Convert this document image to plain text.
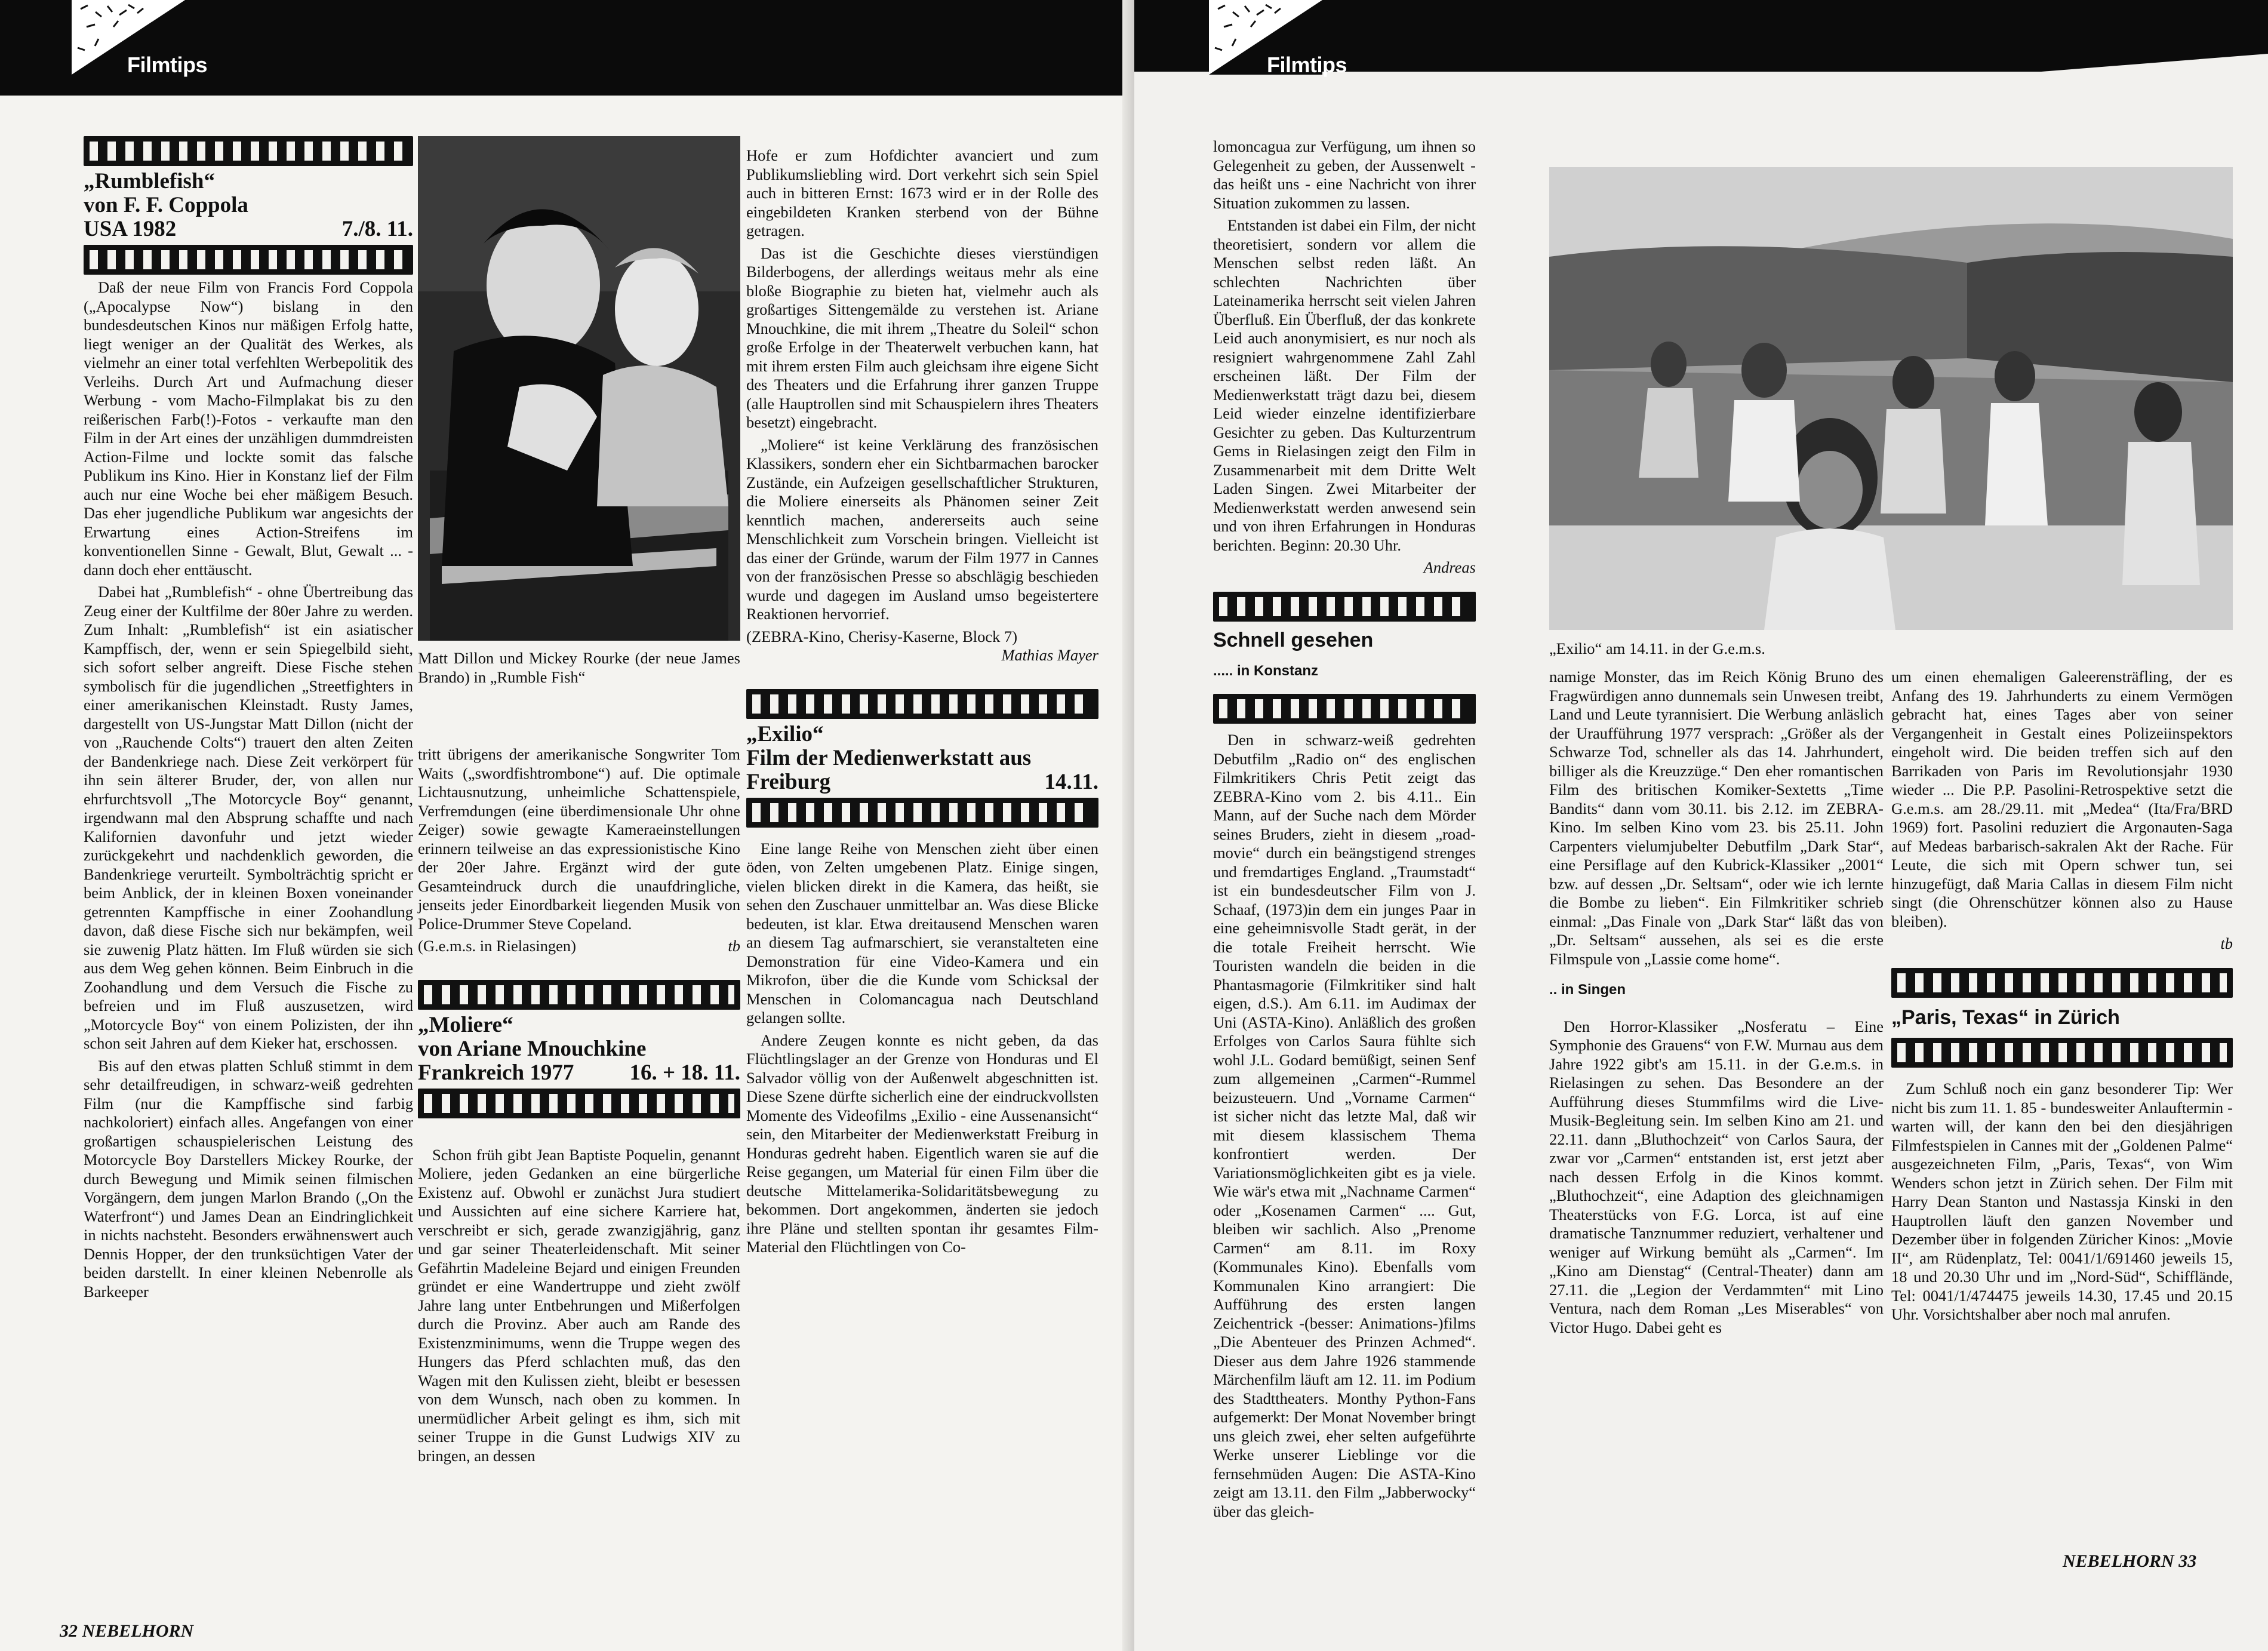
Filmtips
„Rumblefish“
von F. F. Coppola
USA 1982	7./8. 11.

Daß der neue Film von Francis Ford Coppola („Apocalypse Now“) bislang in den bundesdeutschen Kinos nur mäßigen Erfolg hatte, liegt weniger an der Qualität des Werkes, als vielmehr an einer total verfehlten Werbepolitik des Verleihs. Durch Art und Aufmachung dieser Werbung - vom Macho-Filmplakat bis zu den reißerischen Farb(!)-Fotos - verkaufte man den Film in der Art eines der unzähligen dummdreisten Action-Filme und lockte somit das falsche Publikum ins Kino. Hier in Konstanz lief der Film auch nur eine Woche bei eher mäßigem Besuch. Das eher jugendliche Publikum war angesichts der Erwartung eines Action-Streifens im konventionellen Sinne - Gewalt, Blut, Gewalt ... - dann doch eher enttäuscht.

Dabei hat „Rumblefish“ - ohne Übertreibung das Zeug einer der Kultfilme der 80er Jahre zu werden. Zum Inhalt: „Rumblefish“ ist ein asiatischer Kampffisch, der, wenn er sein Spiegelbild sieht, sich sofort selber angreift. Diese Fische stehen symbolisch für die jugendlichen „Streetfighters in einer amerikanischen Kleinstadt. Rusty James, dargestellt von US-Jungstar Matt Dillon (nicht der von „Rauchende Colts“) trauert den alten Zeiten der Bandenkriege nach. Diese Zeit verkörpert für ihn sein älterer Bruder, der, von allen nur ehrfurchtsvoll „The Motorcycle Boy“ genannt, irgendwann mal den Absprung schaffte und nach Kalifornien davonfuhr und jetzt wieder zurückgekehrt und nachdenklich geworden, die Bandenkriege verurteilt. Symbolträchtig spricht er beim Anblick, der in kleinen Boxen voneinander getrennten Kampffische in einer Zoohandlung davon, daß diese Fische sich nur bekämpfen, weil sie zuwenig Platz hätten. Im Fluß würden sie sich aus dem Weg gehen können. Beim Einbruch in die Zoohandlung und dem Versuch die Fische zu befreien und im Fluß auszusetzen, wird „Motorcycle Boy“ von einem Polizisten, der ihn schon seit Jahren auf dem Kieker hat, erschossen.

Bis auf den etwas platten Schluß stimmt in dem sehr detailfreudigen, in schwarz-weiß gedrehten Film (nur die Kampffische sind farbig nachkoloriert) einfach alles. Angefangen von einer großartigen schauspielerischen Leistung des Motorcycle Boy Darstellers Mickey Rourke, der durch Bewegung und Mimik seinen filmischen Vorgängern, dem jungen Marlon Brando („On the Waterfront“) und James Dean an Eindringlichkeit in nichts nachsteht. Besonders erwähnenswert auch Dennis Hopper, der den trunksüchtigen Vater der beiden darstellt. In einer kleinen Nebenrolle als Barkeeper

Matt Dillon und Mickey Rourke (der neue James Brando) in „Rumble Fish“

tritt übrigens der amerikanische Songwriter Tom Waits („swordfishtrombone“) auf. Die optimale Lichtausnutzung, unheimliche Schattenspiele, Verfremdungen (eine überdimensionale Uhr ohne Zeiger) sowie gewagte Kameraeinstellungen erinnern teilweise an das expressionistische Kino der 20er Jahre. Ergänzt wird der gute Gesamteindruck durch die unaufdringliche, jenseits jeder Einordbarkeit liegenden Musik von Police-Drummer Steve Copeland.

(G.e.m.s. in Rielasingen)	tb
„Moliere“
von Ariane Mnouchkine
Frankreich 1977	16. + 18. 11.

Schon früh gibt Jean Baptiste Poquelin, genannt Moliere, jeden Gedanken an eine bürgerliche Existenz auf. Obwohl er zunächst Jura studiert und Aussichten auf eine sichere Karriere hat, verschreibt er sich, gerade zwanzigjährig, ganz und gar seiner Theaterleidenschaft. Mit seiner Gefährtin Madeleine Bejard und einigen Freunden gründet er eine Wandertruppe und zieht zwölf Jahre lang unter Entbehrungen und Mißerfolgen durch die Provinz. Aber auch am Rande des Existenzminimums, wenn die Truppe wegen des Hungers das Pferd schlachten muß, das den Wagen mit den Kulissen zieht, bleibt er besessen von dem Wunsch, nach oben zu kommen. In unermüdlicher Arbeit gelingt es ihm, sich mit seiner Truppe in die Gunst Ludwigs XIV zu bringen, an dessen

Hofe er zum Hofdichter avanciert und zum Publikumsliebling wird. Dort verkehrt sich sein Spiel auch in bitteren Ernst: 1673 wird er in der Rolle des eingebildeten Kranken sterbend von der Bühne getragen.

Das ist die Geschichte dieses vierstündigen Bilderbogens, der allerdings weitaus mehr als eine bloße Biographie zu bieten hat, vielmehr auch als großartiges Sittengemälde zu verstehen ist. Ariane Mnouchkine, die mit ihrem „Theatre du Soleil“ schon große Erfolge in der Theaterwelt verbuchen kann, hat mit ihrem ersten Film auch gleichsam ihre eigene Sicht des Theaters und die Erfahrung ihrer ganzen Truppe (alle Hauptrollen sind mit Schauspielern ihres Theaters besetzt) eingebracht.

„Moliere“ ist keine Verklärung des französischen Klassikers, sondern eher ein Sichtbarmachen barocker Zustände, ein Aufzeigen gesellschaftlicher Strukturen, die Moliere einerseits als Phänomen seiner Zeit kenntlich machen, andererseits auch seine Menschlichkeit zum Vorschein bringen. Vielleicht ist das einer der Gründe, warum der Film 1977 in Cannes von der französischen Presse so abschlägig beschieden wurde und dagegen im Ausland umso begeistertere Reaktionen hervorrief.

(ZEBRA-Kino, Cherisy-Kaserne, Block 7)
Mathias Mayer
„Exilio“
Film der Medienwerkstatt aus
Freiburg	14.11.

Eine lange Reihe von Menschen zieht über einen öden, von Zelten umgebenen Platz. Einige singen, vielen blicken direkt in die Kamera, das heißt, sie sehen den Zuschauer unmittelbar an. Was diese Blicke bedeuten, ist klar. Etwa dreitausend Menschen waren an diesem Tag aufmarschiert, sie veranstalteten eine Demonstration für eine Video-Kamera und ein Mikrofon, über die die Kunde vom Schicksal der Menschen in Colomancagua nach Deutschland gelangen sollte.

Andere Zeugen konnte es nicht geben, da das Flüchtlingslager an der Grenze von Honduras und El Salvador völlig von der Außenwelt abgeschnitten ist. Diese Szene dürfte sicherlich eine der eindruckvollsten Momente des Videofilms „Exilio - eine Aussenansicht“ sein, den Mitarbeiter der Medienwerkstatt Freiburg in Honduras gedreht haben. Eigentlich waren sie auf die Reise gegangen, um Material für einen Film über die deutsche Mittelamerika-Solidaritätsbewegung zu bekommen. Dort angekommen, änderten sie jedoch ihre Pläne und stellten spontan ihr gesamtes Film-Material den Flüchtlingen von Co-

32 NEBELHORN
Filmtips

lomoncagua zur Verfügung, um ihnen so Gelegenheit zu geben, der Aussenwelt - das heißt uns - eine Nachricht von ihrer Situation zukommen zu lassen.

Entstanden ist dabei ein Film, der nicht theoretisiert, sondern vor allem die Menschen selbst reden läßt. An schlechten Nachrichten über Lateinamerika herrscht seit vielen Jahren Überfluß. Ein Überfluß, der das konkrete Leid auch anonymisiert, es nur noch als resigniert wahrgenommene Zahl Zahl erscheinen läßt. Der Film der Medienwerkstatt trägt dazu bei, diesem Leid wieder einzelne identifizierbare Gesichter zu geben. Das Kulturzentrum Gems in Rielasingen zeigt den Film in Zusammenarbeit mit dem Dritte Welt Laden Singen. Zwei Mitarbeiter der Medienwerkstatt werden anwesend sein und von ihren Erfahrungen in Honduras berichten. Beginn: 20.30 Uhr.

Andreas
Schnell gesehen
..... in Konstanz
„Exilio“ am 14.11. in der G.e.m.s.

Den in schwarz-weiß gedrehten Debutfilm „Radio on“ des englischen Filmkritikers Chris Petit zeigt das ZEBRA-Kino vom 2. bis 4.11.. Ein Mann, auf der Suche nach dem Mörder seines Bruders, zieht in diesem „road-movie“ durch ein beängstigend strenges und fremdartiges England. „Traumstadt“ ist ein bundesdeutscher Film von J. Schaaf, (1973)in dem ein junges Paar in eine geheimnisvolle Stadt gerät, in der die totale Freiheit herrscht. Wie Touristen wandeln die beiden in die Phantasmagorie (Filmkritiker sind halt eigen, d.S.). Am 6.11. im Audimax der Uni (ASTA-Kino). Anläßlich des großen Erfolges von Carlos Saura fühlte sich wohl J.L. Godard bemüßigt, seinen Senf zum allgemeinen „Carmen“-Rummel beizusteuern. Und „Vorname Carmen“ ist sicher nicht das letzte Mal, daß wir mit diesem klassischem Thema konfrontiert werden. Der Variationsmöglichkeiten gibt es ja viele. Wie wär's etwa mit „Nachname Carmen“ oder „Kosenamen Carmen“ .... Gut, bleiben wir sachlich. Also „Prenome Carmen“ am 8.11. im Roxy (Kommunales Kino). Ebenfalls vom Kommunalen Kino arrangiert: Die Aufführung des ersten langen Zeichentrick -(besser: Animations-)films „Die Abenteuer des Prinzen Achmed“. Dieser aus dem Jahre 1926 stammende Märchenfilm läuft am 12. 11. im Podium des Stadttheaters. Monthy Python-Fans aufgemerkt: Der Monat November bringt uns gleich zwei, eher selten aufgeführte Werke unserer Lieblinge vor die fernsehmüden Augen: Die ASTA-Kino zeigt am 13.11. den Film „Jabberwocky“ über das gleich-

namige Monster, das im Reich König Bruno des Fragwürdigen anno dunnemals sein Unwesen treibt, Land und Leute tyrannisiert. Die Werbung anläslich der Uraufführung 1977 versprach: „Größer als der Schwarze Tod, schneller als das 14. Jahrhundert, billiger als die Kreuzzüge.“ Den eher romantischen Film des britischen Komiker-Sextetts „Time Bandits“ dann vom 30.11. bis 2.12. im ZEBRA-Kino. Im selben Kino vom 23. bis 25.11. John Carpenters vielumjubelter Debutfilm „Dark Star“, eine Persiflage auf den Kubrick-Klassiker „2001“ bzw. auf dessen „Dr. Seltsam“, oder wie ich lernte die Bombe zu lieben“. Ein Filmkritiker schrieb einmal: „Das Finale von „Dark Star“ läßt das von „Dr. Seltsam“ aussehen, als sei es die erste Filmspule von „Lassie come home“.

.. in Singen

Den Horror-Klassiker „Nosferatu – Eine Symphonie des Grauens“ von F.W. Murnau aus dem Jahre 1922 gibt's am 15.11. in der G.e.m.s. in Rielasingen zu sehen. Das Besondere an der Aufführung dieses Stummfilms wird die Live-Musik-Begleitung sein. Im selben Kino am 21. und 22.11. dann „Bluthochzeit“ von Carlos Saura, der zwar vor „Carmen“ entstanden ist, erst jetzt aber nach dessen Erfolg in die Kinos kommt. „Bluthochzeit“, eine Adaption des gleichnamigen Theaterstücks von F.G. Lorca, ist auf eine dramatische Tanznummer reduziert, verhaltener und weniger auf Wirkung bemüht als „Carmen“. Im „Kino am Dienstag“ (Central-Theater) dann am 27.11. die „Legion der Verdammten“ mit Lino Ventura, nach dem Roman „Les Miserables“ von Victor Hugo. Dabei geht es

um einen ehemaligen Galeerensträfling, der es Anfang des 19. Jahrhunderts zu einem Vermögen gebracht hat, eines Tages aber von seiner Vergangenheit in Gestalt eines Polizeiinspektors eingeholt wird. Die beiden treffen sich auf den Barrikaden von Paris im Revolutionsjahr 1930 wieder ... Die P.P. Pasolini-Retrospektive setzt die G.e.m.s. am 28./29.11. mit „Medea“ (Ita/Fra/BRD 1969) fort. Pasolini reduziert die Argonauten-Saga auf Medeas barbarisch-sakralen Akt der Rache. Für Leute, die sich mit Opern schwer tun, sei hinzugefügt, daß Maria Callas in diesem Film nicht singt (die Ohrenschützer können also zu Hause bleiben).

tb
„Paris, Texas“ in Zürich

Zum Schluß noch ein ganz besonderer Tip: Wer nicht bis zum 11. 1. 85 - bundesweiter Anlauftermin - warten will, der kann den bei den diesjährigen Filmfestspielen in Cannes mit der „Goldenen Palme“ ausgezeichneten Film, „Paris, Texas“, von Wim Wenders schon jetzt in Zürich sehen. Der Film mit Harry Dean Stanton und Nastassja Kinski in den Hauptrollen läuft den ganzen November und Dezember über in folgenden Züricher Kinos: „Movie II“, am Rüdenplatz, Tel: 0041/1/691460 jeweils 15, 18 und 20.30 Uhr und im „Nord-Süd“, Schifflände, Tel: 0041/1/474475 jeweils 14.30, 17.45 und 20.15 Uhr. Vorsichtshalber aber noch mal anrufen.

NEBELHORN 33
